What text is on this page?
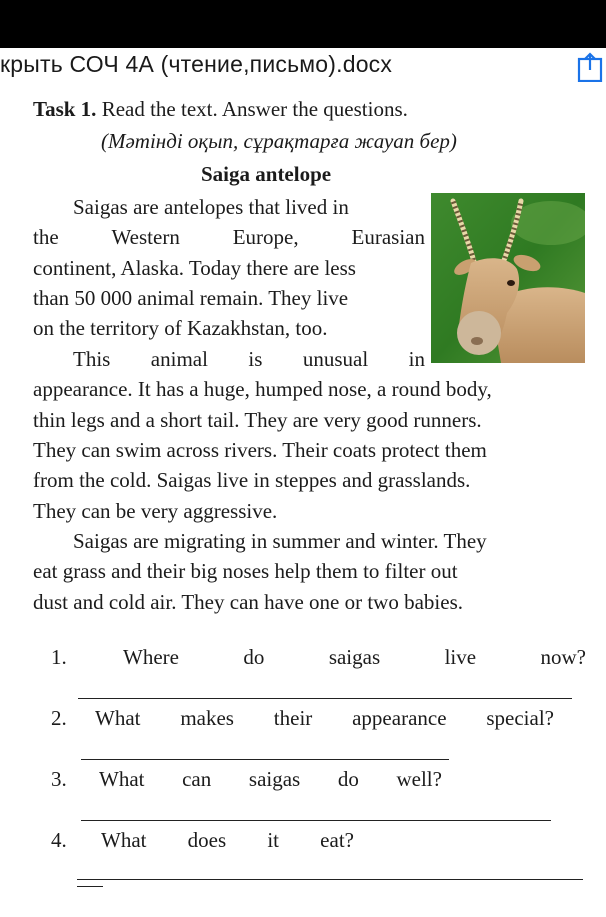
крыть СОЧ 4А (чтение,письмо).docx
Task 1. Read the text. Answer the questions.
(Мәтінді оқып, сұрақтарға жауап бер)
Saiga antelope
Saigas are antelopes that lived in
the	Western	Europe,	Eurasian
continent, Alaska. Today there are less
than 50 000 animal remain. They live
on the territory of Kazakhstan, too.
This animal is unusual in
appearance. It has a huge, humped nose, a round body,
thin legs and a short tail. They are very good runners.
They can swim across rivers. Their coats protect them
from the cold. Saigas live in steppes and grasslands.
They can be very aggressive.
Saigas are migrating in summer and winter. They
eat grass and their big noses help them to filter out
dust and cold air. They can have one or two babies.
1.	Where	do	saigas	live	now?
2. What makes their appearance special?
3. What can saigas do well?
4. What does it eat?
